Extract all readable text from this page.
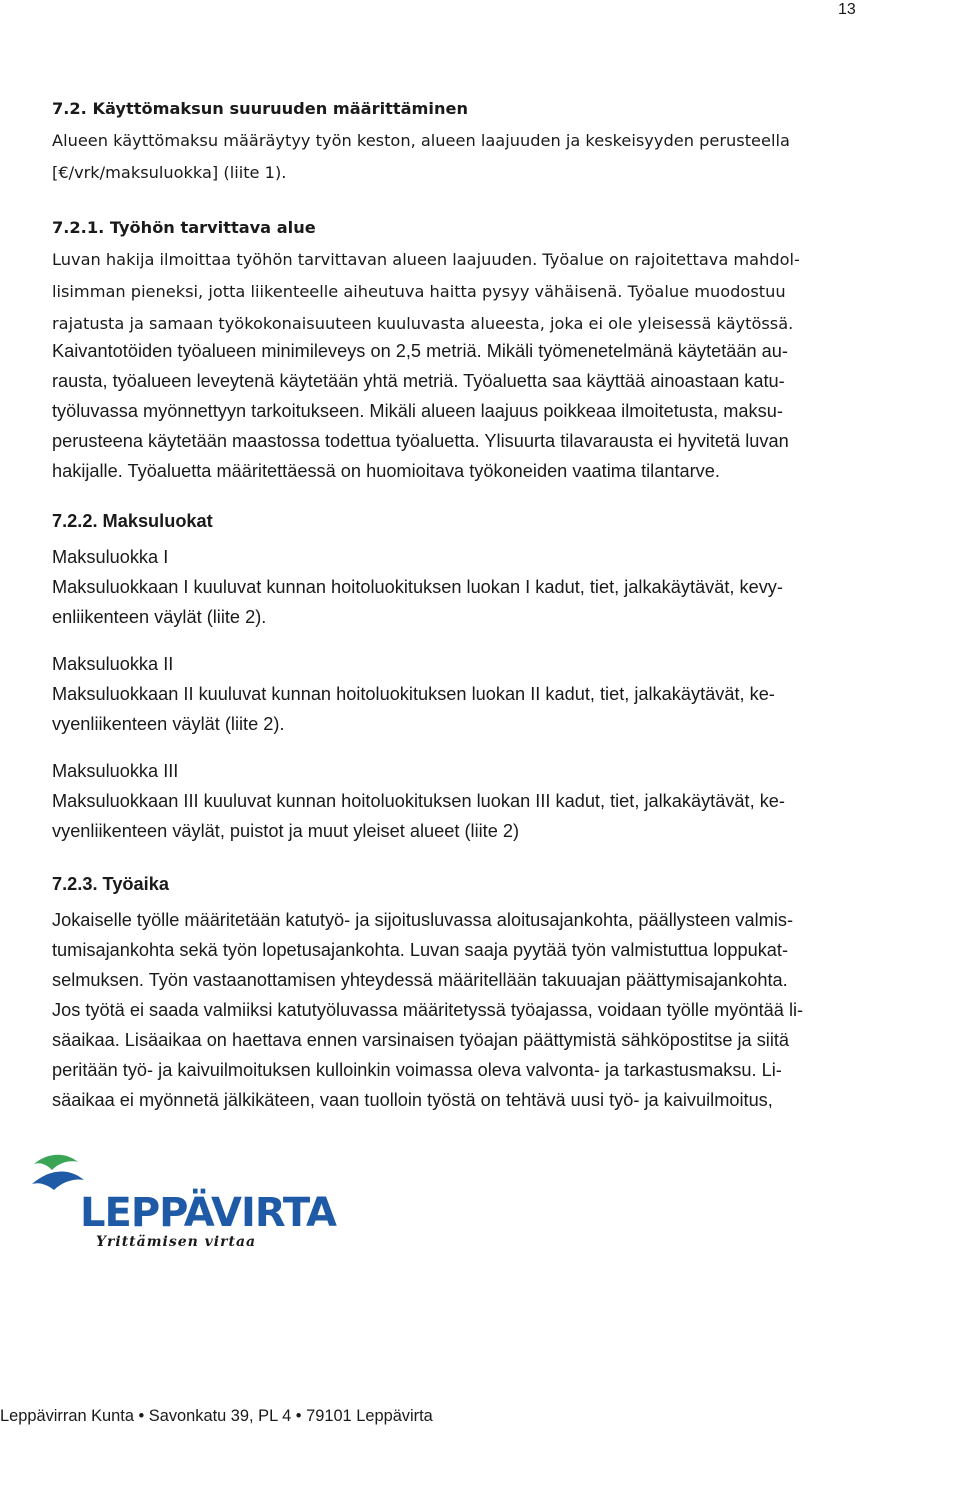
13
7.2. Käyttömaksun suuruuden määrittäminen
Alueen käyttömaksu määräytyy työn keston, alueen laajuuden ja keskeisyyden perusteella
[€/vrk/maksuluokka] (liite 1).
7.2.1. Työhön tarvittava alue
Luvan hakija ilmoittaa työhön tarvittavan alueen laajuuden. Työalue on rajoitettava mahdol-
lisimman pieneksi, jotta liikenteelle aiheutuva haitta pysyy vähäisenä. Työalue muodostuu
rajatusta ja samaan työkokonaisuuteen kuuluvasta alueesta, joka ei ole yleisessä käytössä.
Kaivantotöiden työalueen minimileveys on 2,5 metriä. Mikäli työmenetelmänä käytetään au-
rausta, työalueen leveytenä käytetään yhtä metriä. Työaluetta saa käyttää ainoastaan katu-
työluvassa myönnettyyn tarkoitukseen. Mikäli alueen laajuus poikkeaa ilmoitetusta, maksu-
perusteena käytetään maastossa todettua työaluetta. Ylisuurta tilavarausta ei hyvitetä luvan
hakijalle. Työaluetta määritettäessä on huomioitava työkoneiden vaatima tilantarve.
7.2.2. Maksuluokat
Maksuluokka I
Maksuluokkaan I kuuluvat kunnan hoitoluokituksen luokan I kadut, tiet, jalkakäytävät, kevy-
enliikenteen väylät (liite 2).
Maksuluokka II
Maksuluokkaan II kuuluvat kunnan hoitoluokituksen luokan II kadut, tiet, jalkakäytävät, ke-
vyenliikenteen väylät (liite 2).
Maksuluokka III
Maksuluokkaan III kuuluvat kunnan hoitoluokituksen luokan III kadut, tiet, jalkakäytävät, ke-
vyenliikenteen väylät, puistot ja muut yleiset alueet (liite 2)
7.2.3. Työaika
Jokaiselle työlle määritetään katutyö- ja sijoitusluvassa aloitusajankohta, päällysteen valmis-
tumisajankohta sekä työn lopetusajankohta. Luvan saaja pyytää työn valmistuttua loppukat-
selmuksen. Työn vastaanottamisen yhteydessä määritellään takuuajan päättymisajankohta.
Jos työtä ei saada valmiiksi katutyöluvassa määritetyssä työajassa, voidaan työlle myöntää li-
säaikaa. Lisäaikaa on haettava ennen varsinaisen työajan päättymistä sähköpostitse ja siitä
peritään työ- ja kaivuilmoituksen kulloinkin voimassa oleva valvonta- ja tarkastusmaksu. Li-
säaikaa ei myönnetä jälkikäteen, vaan tuolloin työstä on tehtävä uusi työ- ja kaivuilmoitus,
LEPPÄVIRTA
Yrittämisen virtaa
Leppävirran Kunta • Savonkatu 39, PL 4 • 79101 Leppävirta
